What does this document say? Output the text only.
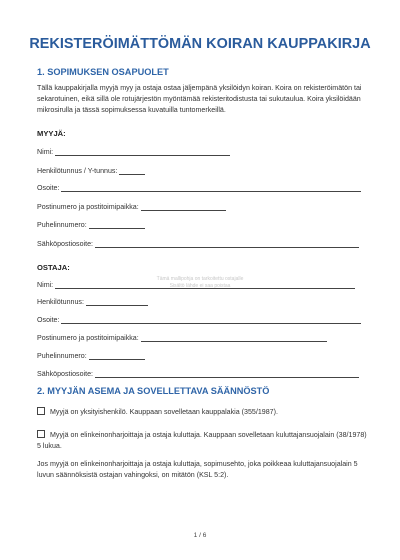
REKISTERÖIMÄTTÖMÄN KOIRAN KAUPPAKIRJA
1. SOPIMUKSEN OSAPUOLET
Tällä kauppakirjalla myyjä myy ja ostaja ostaa jäljempänä yksilöidyn koiran. Koira on rekisteröimätön tai sekarotuinen, eikä sillä ole rotujärjestön myöntämää rekisteritodistusta tai sukutaulua. Koira yksilöidään mikrosirulla ja tässä sopimuksessa kuvatuilla tuntomerkeillä.
MYYJÄ:
Nimi:
Henkilötunnus / Y-tunnus:
Osoite:
Postinumero ja postitoimipaikka:
Puhelinnumero:
Sähköpostiosoite:
OSTAJA:
Tämä mallipohja on tarkoitettu ostajalle
Sisältö lähde ei saa poistaa
Nimi:
Henkilötunnus:
Osoite:
Postinumero ja postitoimipaikka:
Puhelinnumero:
Sähköpostiosoite:
2. MYYJÄN ASEMA JA SOVELLETTAVA SÄÄNNÖSTÖ
Myyjä on yksityishenkilö. Kauppaan sovelletaan kauppalakia (355/1987).
Myyjä on elinkeinonharjoittaja ja ostaja kuluttaja. Kauppaan sovelletaan kuluttajansuojalain (38/1978) 5 lukua.
Jos myyjä on elinkeinonharjoittaja ja ostaja kuluttaja, sopimusehto, joka poikkeaa kuluttajansuojalain 5 luvun säännöksistä ostajan vahingoksi, on mitätön (KSL 5:2).
1 / 6
